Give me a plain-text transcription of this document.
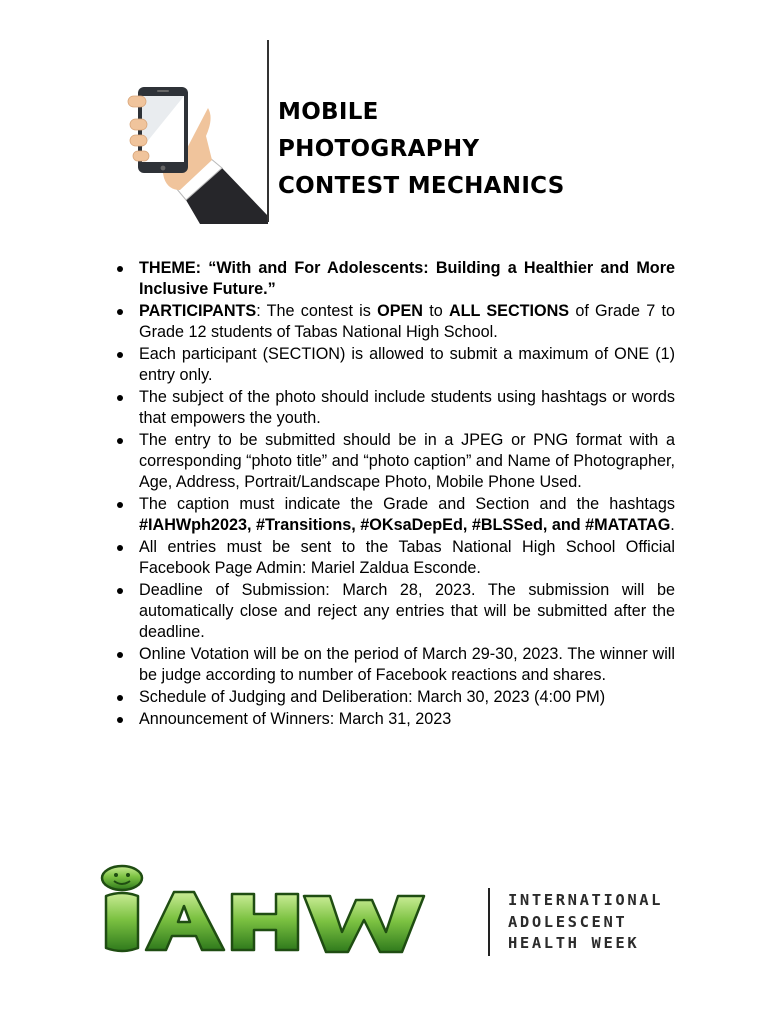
MOBILE
PHOTOGRAPHY
CONTEST MECHANICS
THEME: “With and For Adolescents: Building a Healthier and More Inclusive Future.”
PARTICIPANTS: The contest is OPEN to ALL SECTIONS of Grade 7 to Grade 12 students of Tabas National High School.
Each participant (SECTION) is allowed to submit a maximum of ONE (1) entry only.
The subject of the photo should include students using hashtags or words that empowers the youth.
The entry to be submitted should be in a JPEG or PNG format with a corresponding “photo title” and “photo caption” and Name of Photographer, Age, Address, Portrait/Landscape Photo, Mobile Phone Used.
The caption must indicate the Grade and Section and the hashtags #IAHWph2023, #Transitions, #OKsaDepEd, #BLSSed, and #MATATAG.
All entries must be sent to the Tabas National High School Official Facebook Page Admin: Mariel Zaldua Esconde.
Deadline of Submission: March 28, 2023. The submission will be automatically close and reject any entries that will be submitted after the deadline.
Online Votation will be on the period of March 29-30, 2023. The winner will be judge according to number of Facebook reactions and shares.
Schedule of Judging and Deliberation: March 30, 2023 (4:00 PM)
Announcement of Winners: March 31, 2023
INTERNATIONAL
ADOLESCENT
HEALTH WEEK
